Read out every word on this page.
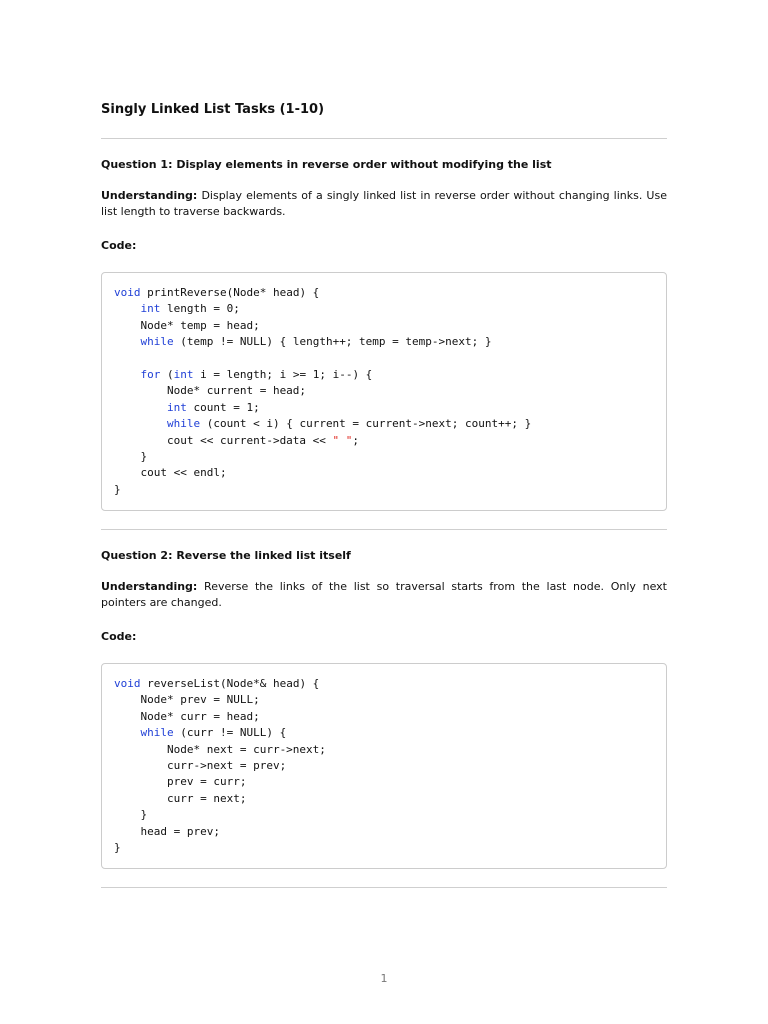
Singly Linked List Tasks (1-10)

Question 1: Display elements in reverse order without modifying the list

Understanding: Display elements of a singly linked list in reverse order without changing links. Use list length to traverse backwards.

Code:

void printReverse(Node* head) {
int length = 0;
Node* temp = head;
while (temp != NULL) { length++; temp = temp->next; }
for (int i = length; i >= 1; i--) {
Node* current = head;
int count = 1;
while (count < i) { current = current->next; count++; }
cout << current->data << " ";
}
cout << endl;
}

Question 2: Reverse the linked list itself

Understanding: Reverse the links of the list so traversal starts from the last node. Only next pointers are changed.

Code:

void reverseList(Node*& head) {
Node* prev = NULL;
Node* curr = head;
while (curr != NULL) {
Node* next = curr->next;
curr->next = prev;
prev = curr;
curr = next;
}
head = prev;
}
1
